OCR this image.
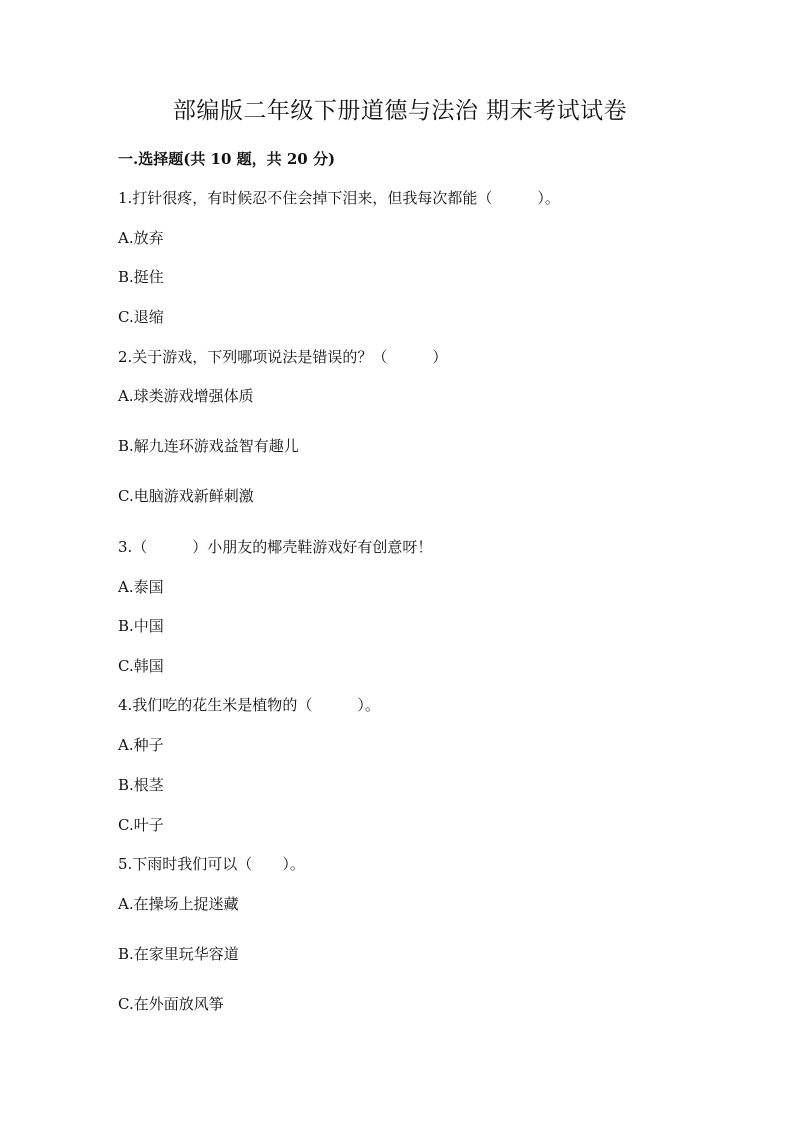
部编版二年级下册道德与法治 期末考试试卷
一.选择题(共 10 题，共 20 分)
1.打针很疼，有时候忍不住会掉下泪来，但我每次都能（　　　）。
A.放弃
B.挺住
C.退缩
2.关于游戏，下列哪项说法是错误的？（　　　）
A.球类游戏增强体质
B.解九连环游戏益智有趣儿
C.电脑游戏新鲜刺激
3.（　　　）小朋友的椰壳鞋游戏好有创意呀！
A.泰国
B.中国
C.韩国
4.我们吃的花生米是植物的（　　　）。
A.种子
B.根茎
C.叶子
5.下雨时我们可以（　　）。
A.在操场上捉迷藏
B.在家里玩华容道
C.在外面放风筝
